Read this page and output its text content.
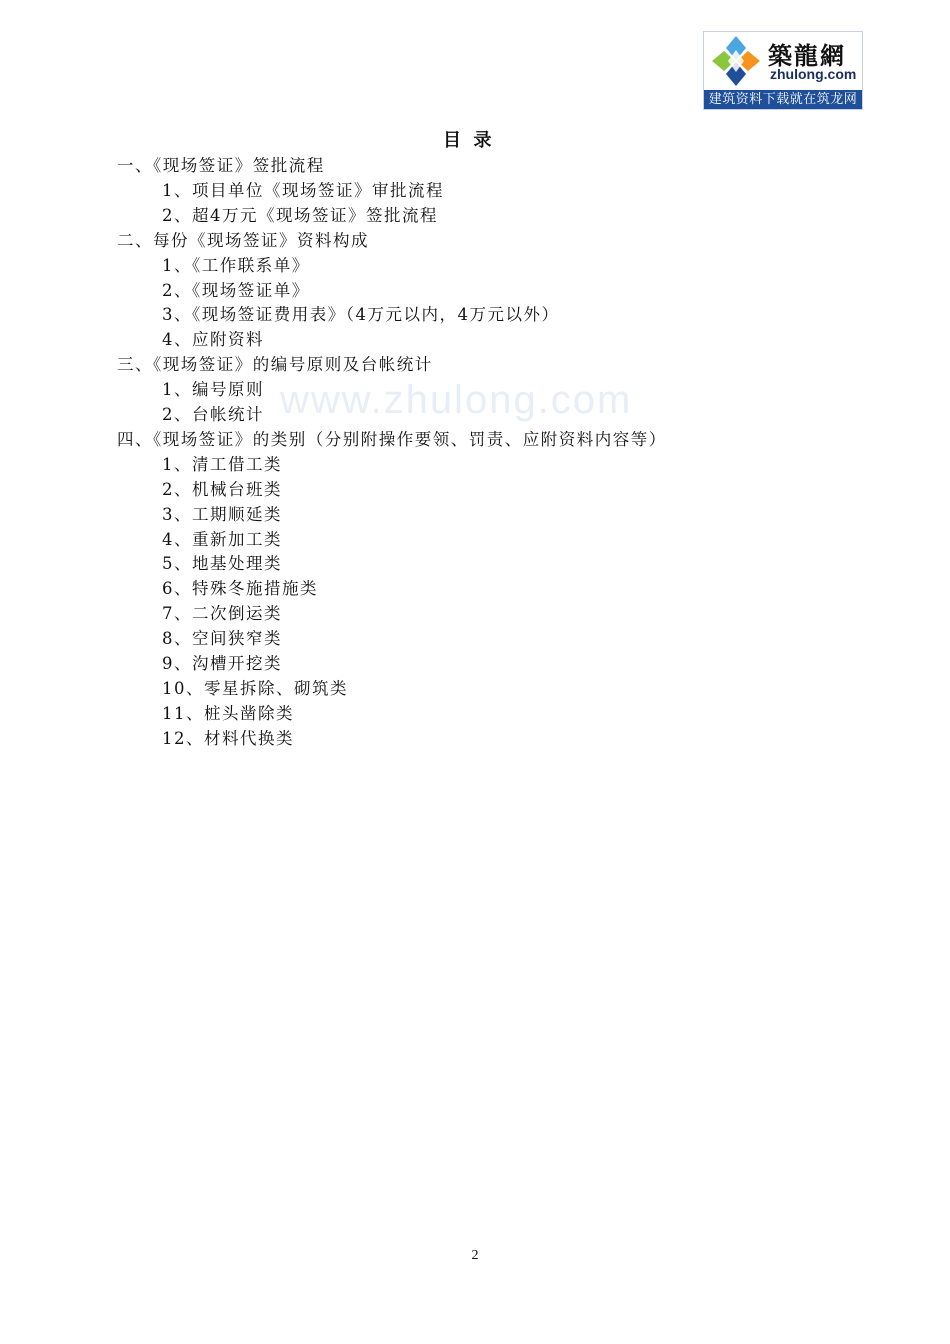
築龍網
zhulong.com
建筑资料下载就在筑龙网
www.zhulong.com
目  录
一、《现场签证》签批流程
1、项目单位《现场签证》审批流程
2、超4万元《现场签证》签批流程
二、每份《现场签证》资料构成
1、《工作联系单》
2、《现场签证单》
3、《现场签证费用表》（4万元以内，4万元以外）
4、应附资料
三、《现场签证》的编号原则及台帐统计
1、编号原则
2、台帐统计
四、《现场签证》的类别（分别附操作要领、罚责、应附资料内容等）
1、清工借工类
2、机械台班类
3、工期顺延类
4、重新加工类
5、地基处理类
6、特殊冬施措施类
7、二次倒运类
8、空间狭窄类
9、沟槽开挖类
10、零星拆除、砌筑类
11、桩头凿除类
12、材料代换类
2
